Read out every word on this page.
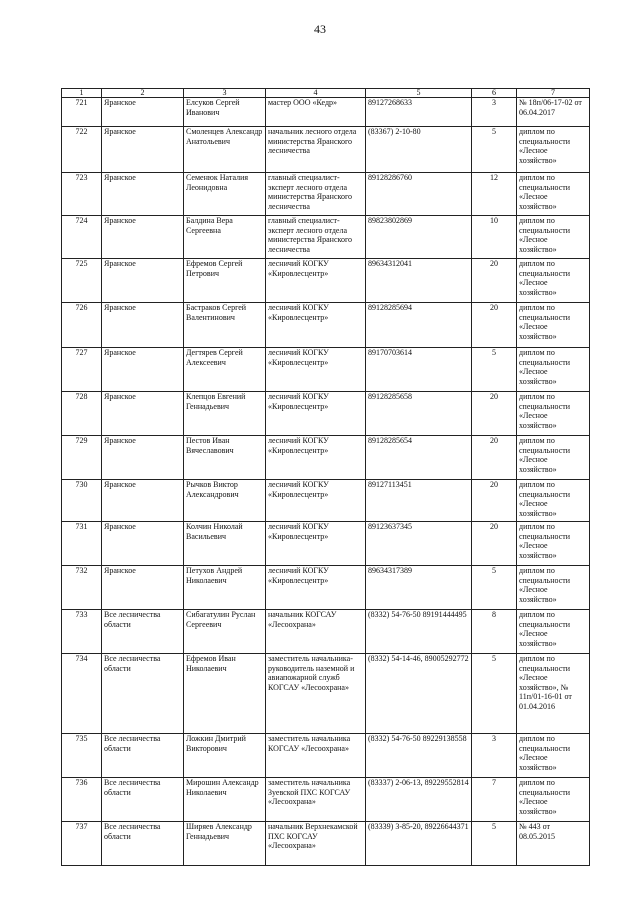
43
1	2	3	4	5	6	7
721	Яранское	Елсуков Сергей Иванович	мастер ООО «Кедр»	89127268633	3	№ 18п/06-17-02 от 06.04.2017
722	Яранское	Смоленцев Александр Анатольевич	начальник лесного отдела министерства Яранского лесничества	(83367) 2-10-80	5	диплом по специальности «Лесное хозяйство»
723	Яранское	Семенюк Наталия Леонидовна	главный специалист-эксперт лесного отдела министерства Яранского лесничества	89128286760	12	диплом по специальности «Лесное хозяйство»
724	Яранское	Балдина Вера Сергеевна	главный специалист-эксперт лесного отдела министерства Яранского лесничества	89823802869	10	диплом по специальности «Лесное хозяйство»
725	Яранское	Ефремов Сергей Петрович	лесничий КОГКУ «Кировлесцентр»	89634312041	20	диплом по специальности «Лесное хозяйство»
726	Яранское	Бастраков Сергей Валентинович	лесничий КОГКУ «Кировлесцентр»	89128285694	20	диплом по специальности «Лесное хозяйство»
727	Яранское	Дегтярев Сергей Алексеевич	лесничий КОГКУ «Кировлесцентр»	89170703614	5	диплом по специальности «Лесное хозяйство»
728	Яранское	Клепцов Евгений Геннадьевич	лесничий КОГКУ «Кировлесцентр»	89128285658	20	диплом по специальности «Лесное хозяйство»
729	Яранское	Пестов Иван Вячеславович	лесничий КОГКУ «Кировлесцентр»	89128285654	20	диплом по специальности «Лесное хозяйство»
730	Яранское	Рычков Виктор Александрович	лесничий КОГКУ «Кировлесцентр»	89127113451	20	диплом по специальности «Лесное хозяйство»
731	Яранское	Колчин Николай Васильевич	лесничий КОГКУ «Кировлесцентр»	89123637345	20	диплом по специальности «Лесное хозяйство»
732	Яранское	Петухов Андрей Николаевич	лесничий КОГКУ «Кировлесцентр»	89634317389	5	диплом по специальности «Лесное хозяйство»
733	Все лесничества области	Сибагатулин Руслан Сергеевич	начальник КОГСАУ «Лесоохрана»	(8332) 54-76-50 89191444495	8	диплом по специальности «Лесное хозяйство»
734	Все лесничества области	Ефремов Иван Николаевич	заместитель начальника-руководитель наземной и авиапожарной служб КОГСАУ «Лесоохрана»	(8332) 54-14-46, 89005292772	5	диплом по специальности «Лесное хозяйство», № 11п/01-16-01 от 01.04.2016
735	Все лесничества области	Ложкин Дмитрий Викторович	заместитель начальника КОГСАУ «Лесоохрана»	(8332) 54-76-50 89229138558	3	диплом по специальности «Лесное хозяйство»
736	Все лесничества области	Мирошин Александр Николаевич	заместитель начальника Зуевской ПХС КОГСАУ «Лесоохрана»	(83337) 2-06-13, 89229552814	7	диплом по специальности «Лесное хозяйство»
737	Все лесничества области	Ширяев Александр Геннадьевич	начальник Верхнекамской ПХС КОГСАУ «Лесоохрана»	(83339) 3-85-20, 89226644371	5	№ 443 от 08.05.2015
